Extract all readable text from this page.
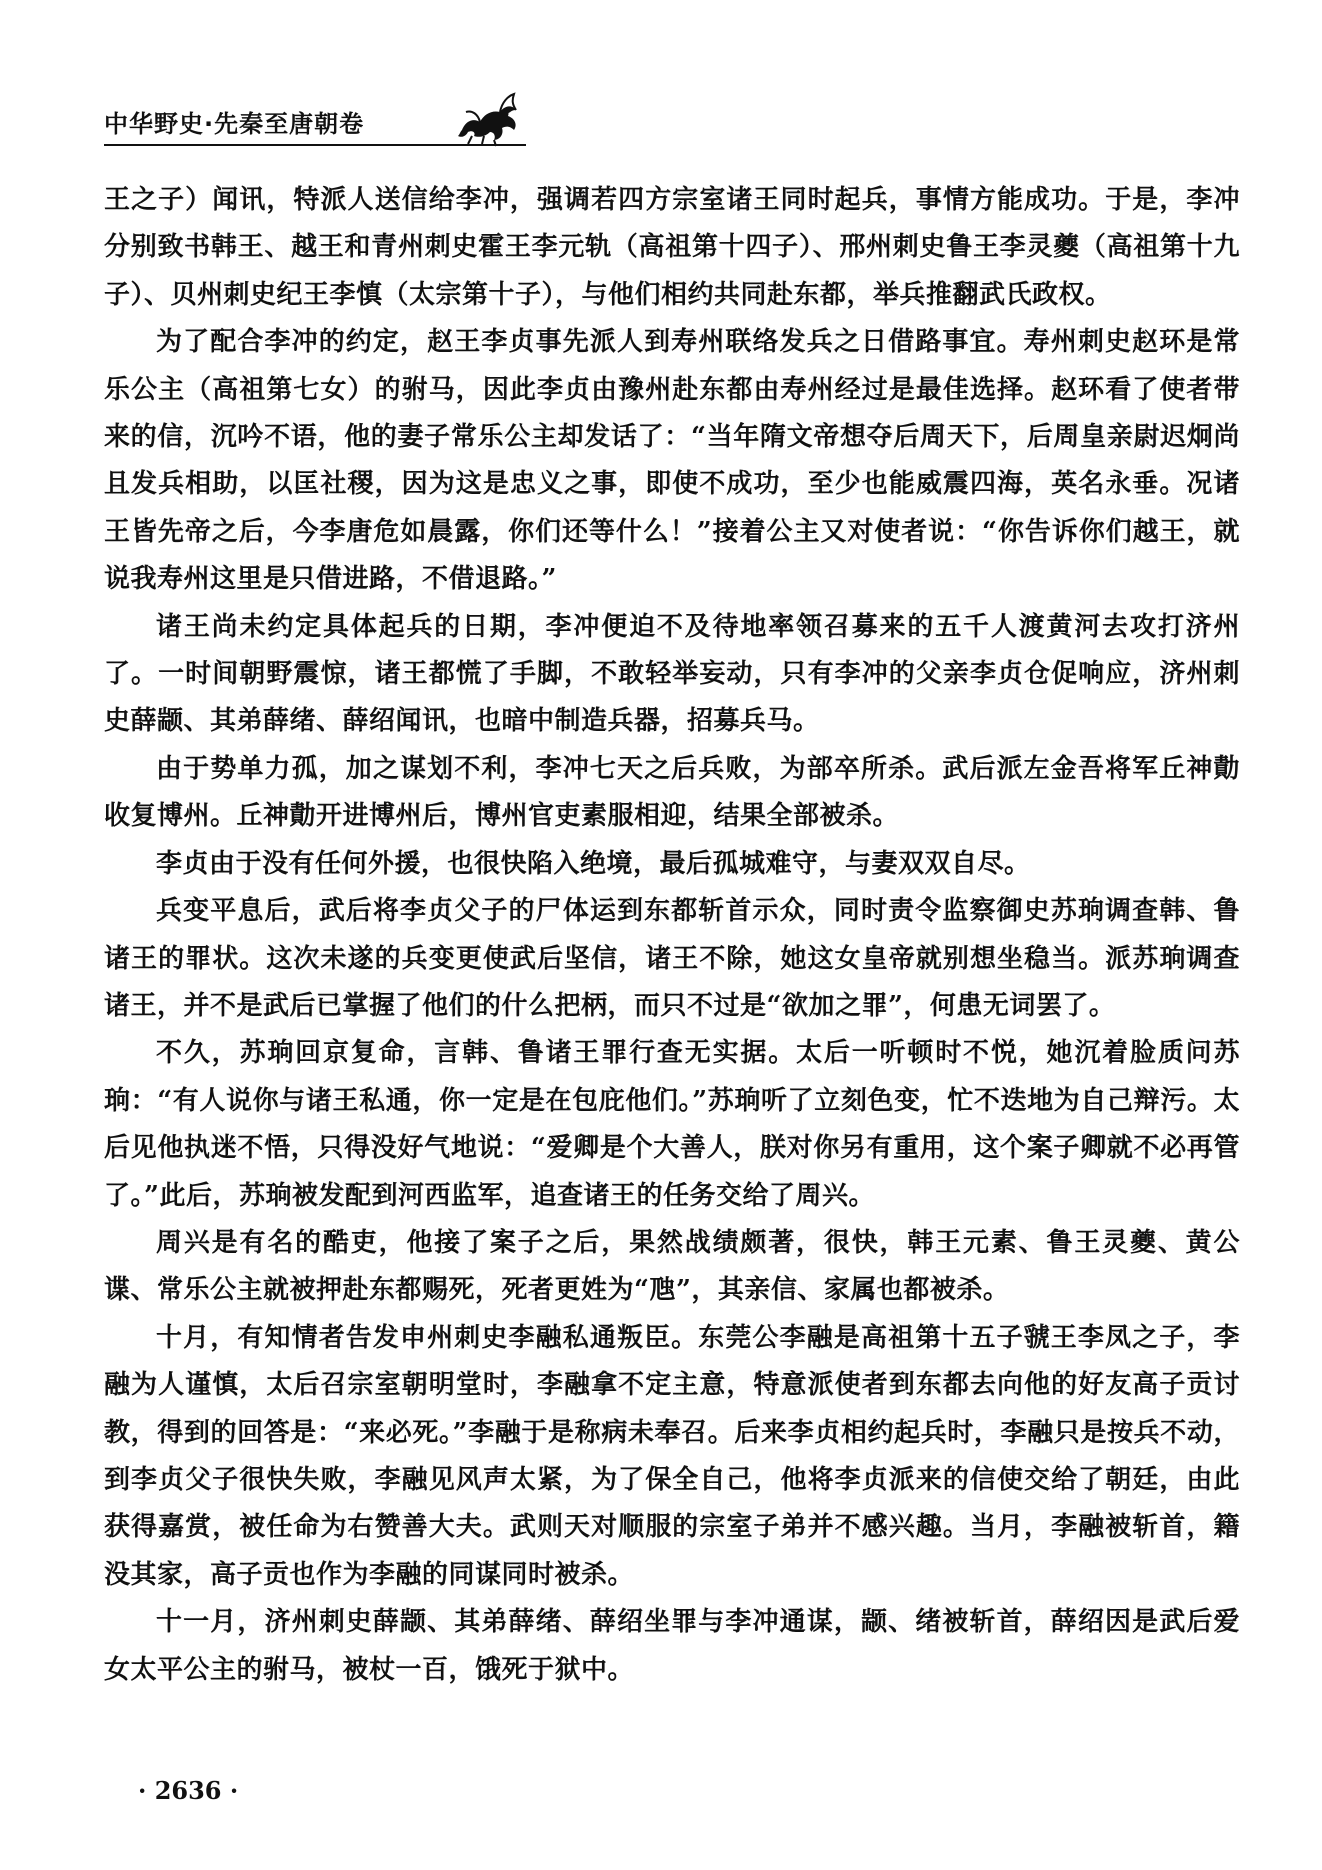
中华野史·先秦至唐朝卷

王之子）闻讯，特派人送信给李冲，强调若四方宗室诸王同时起兵，事情方能成功。于是，李冲分别致书韩王、越王和青州刺史霍王李元轨（高祖第十四子）、邢州刺史鲁王李灵夔（高祖第十九子）、贝州刺史纪王李慎（太宗第十子），与他们相约共同赴东都，举兵推翻武氏政权。

为了配合李冲的约定，赵王李贞事先派人到寿州联络发兵之日借路事宜。寿州刺史赵环是常乐公主（高祖第七女）的驸马，因此李贞由豫州赴东都由寿州经过是最佳选择。赵环看了使者带来的信，沉吟不语，他的妻子常乐公主却发话了：“当年隋文帝想夺后周天下，后周皇亲尉迟炯尚且发兵相助，以匡社稷，因为这是忠义之事，即使不成功，至少也能威震四海，英名永垂。况诸王皆先帝之后，今李唐危如晨露，你们还等什么！”接着公主又对使者说：“你告诉你们越王，就说我寿州这里是只借进路，不借退路。”

诸王尚未约定具体起兵的日期，李冲便迫不及待地率领召募来的五千人渡黄河去攻打济州了。一时间朝野震惊，诸王都慌了手脚，不敢轻举妄动，只有李冲的父亲李贞仓促响应，济州刺史薛颛、其弟薛绪、薛绍闻讯，也暗中制造兵器，招募兵马。

由于势单力孤，加之谋划不利，李冲七天之后兵败，为部卒所杀。武后派左金吾将军丘神勣收复博州。丘神勣开进博州后，博州官吏素服相迎，结果全部被杀。

李贞由于没有任何外援，也很快陷入绝境，最后孤城难守，与妻双双自尽。

兵变平息后，武后将李贞父子的尸体运到东都斩首示众，同时责令监察御史苏珦调查韩、鲁诸王的罪状。这次未遂的兵变更使武后坚信，诸王不除，她这女皇帝就别想坐稳当。派苏珦调查诸王，并不是武后已掌握了他们的什么把柄，而只不过是“欲加之罪”，何患无词罢了。

不久，苏珦回京复命，言韩、鲁诸王罪行查无实据。太后一听顿时不悦，她沉着脸质问苏珦：“有人说你与诸王私通，你一定是在包庇他们。”苏珦听了立刻色变，忙不迭地为自己辩污。太后见他执迷不悟，只得没好气地说：“爱卿是个大善人，朕对你另有重用，这个案子卿就不必再管了。”此后，苏珦被发配到河西监军，追查诸王的任务交给了周兴。

周兴是有名的酷吏，他接了案子之后，果然战绩颇著，很快，韩王元素、鲁王灵夔、黄公谍、常乐公主就被押赴东都赐死，死者更姓为“虺”，其亲信、家属也都被杀。

十月，有知情者告发申州刺史李融私通叛臣。东莞公李融是高祖第十五子虢王李凤之子，李融为人谨慎，太后召宗室朝明堂时，李融拿不定主意，特意派使者到东都去向他的好友高子贡讨教，得到的回答是：“来必死。”李融于是称病未奉召。后来李贞相约起兵时，李融只是按兵不动，到李贞父子很快失败，李融见风声太紧，为了保全自己，他将李贞派来的信使交给了朝廷，由此获得嘉赏，被任命为右赞善大夫。武则天对顺服的宗室子弟并不感兴趣。当月，李融被斩首，籍没其家，高子贡也作为李融的同谋同时被杀。

十一月，济州刺史薛颛、其弟薛绪、薛绍坐罪与李冲通谋，颛、绪被斩首，薛绍因是武后爱女太平公主的驸马，被杖一百，饿死于狱中。

· 2636 ·
